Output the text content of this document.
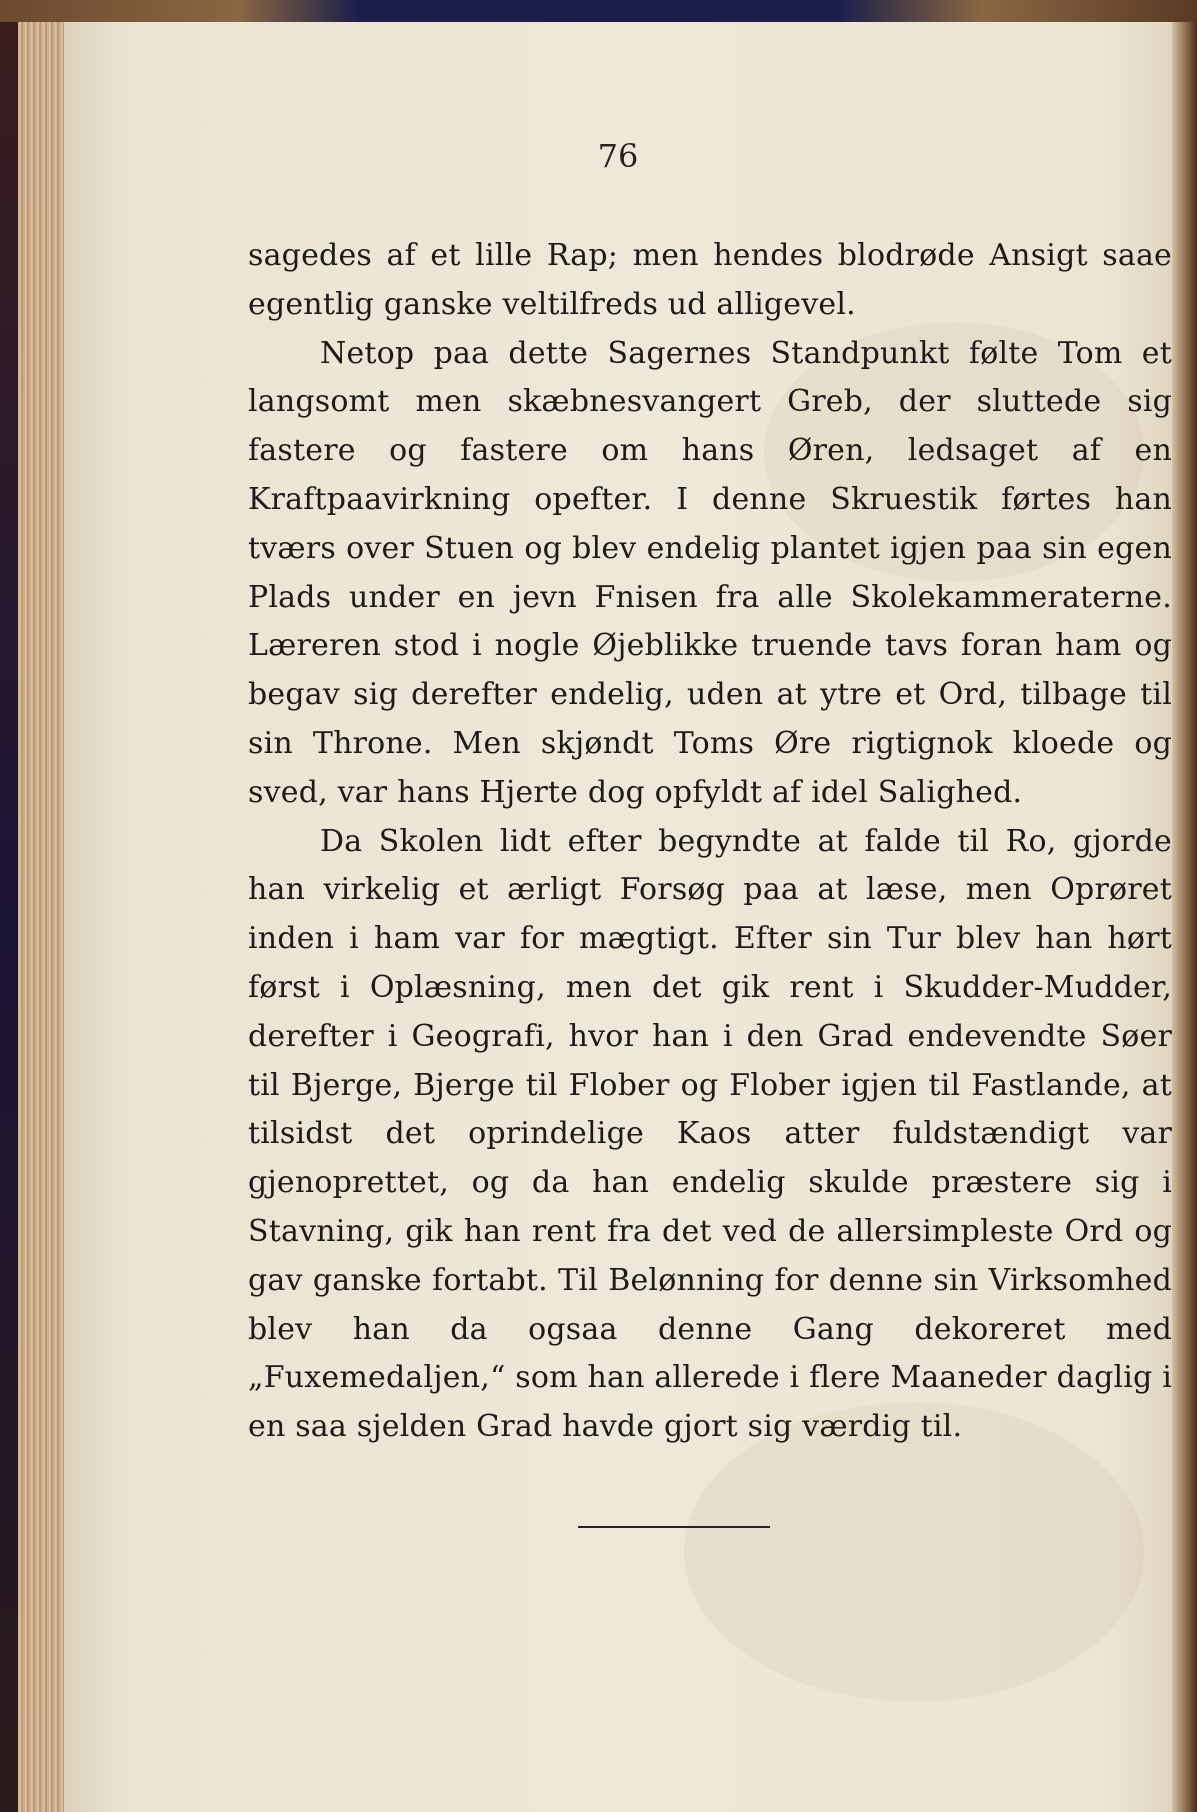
76

sagedes af et lille Rap; men hendes blodrøde Ansigt saae egentlig ganske veltilfreds ud alligevel.

Netop paa dette Sagernes Standpunkt følte Tom et langsomt men skæbnesvangert Greb, der sluttede sig fastere og fastere om hans Øren, ledsaget af en Kraftpaavirkning opefter. I denne Skruestik førtes han tværs over Stuen og blev endelig plantet igjen paa sin egen Plads under en jevn Fnisen fra alle Skolekammeraterne. Læreren stod i nogle Øjeblikke truende tavs foran ham og begav sig derefter endelig, uden at ytre et Ord, tilbage til sin Throne. Men skjøndt Toms Øre rigtignok kloede og sved, var hans Hjerte dog opfyldt af idel Salighed.

Da Skolen lidt efter begyndte at falde til Ro, gjorde han virkelig et ærligt Forsøg paa at læse, men Oprøret inden i ham var for mægtigt. Efter sin Tur blev han hørt først i Oplæsning, men det gik rent i Skudder-Mudder, derefter i Geografi, hvor han i den Grad endevendte Søer til Bjerge, Bjerge til Flober og Flober igjen til Fastlande, at tilsidst det oprindelige Kaos atter fuldstændigt var gjenoprettet, og da han endelig skulde præstere sig i Stavning, gik han rent fra det ved de allersimpleste Ord og gav ganske fortabt. Til Belønning for denne sin Virksomhed blev han da ogsaa denne Gang dekoreret med „Fuxemedaljen,“ som han allerede i flere Maaneder daglig i en saa sjelden Grad havde gjort sig værdig til.
